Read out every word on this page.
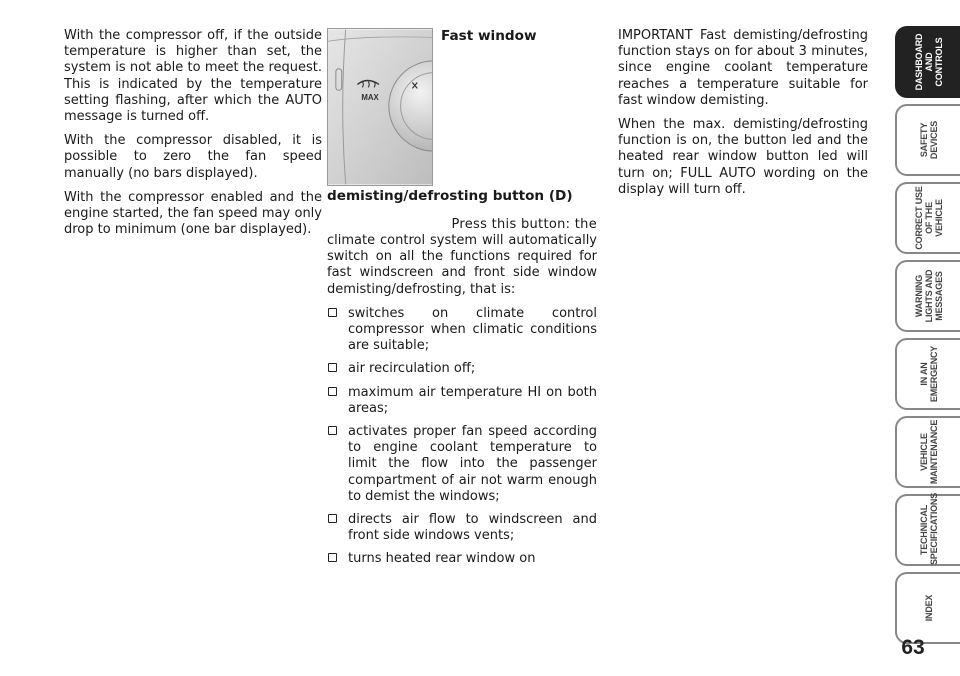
With the compressor off, if the outside temperature is higher than set, the system is not able to meet the request. This is indicated by the temperature setting flashing, after which the AUTO message is turned off.

With the compressor disabled, it is possible to zero the fan speed manually (no bars displayed).

With the compressor enabled and the engine started, the fan speed may only drop to minimum (one bar displayed).

MAX
Fast window demisting/defrosting button (D)

Press this button: the

climate control system will automatically switch on all the functions required for fast windscreen and front side window demisting/defrosting, that is:

switches on climate control compressor when climatic conditions are suitable;
air recirculation off;
maximum air temperature HI on both areas;
activates proper fan speed according to engine coolant temperature to limit the flow into the passenger compartment of air not warm enough to demist the windows;
directs air flow to windscreen and front side windows vents;
turns heated rear window on

IMPORTANT Fast demisting/defrosting function stays on for about 3 minutes, since engine coolant temperature reaches a temperature suitable for fast window demisting.

When the max. demisting/defrosting function is on, the button led and the heated rear window button led will turn on; FULL AUTO wording on the display will turn off.

DASHBOARD
AND CONTROLS
SAFETY
DEVICES
CORRECT USE
OF THE VEHICLE
WARNING
LIGHTS AND
MESSAGES
IN AN
EMERGENCY
VEHICLE
MAINTENANCE
TECHNICAL
SPECIFICATIONS
INDEX
63
